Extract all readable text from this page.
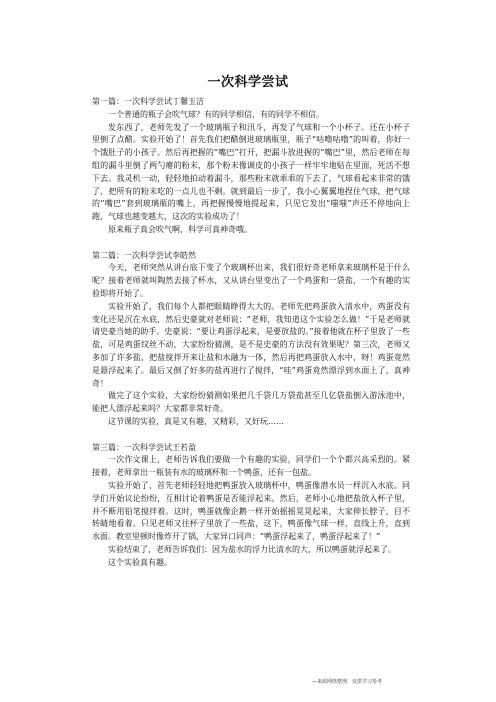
一次科学尝试

第一篇：一次科学尝试丁馨玉洁

一个普通的瓶子会吹气球？有的同学相信，有的同学不相信。

发东西了，老师先发了一个玻璃瓶子和汛斗，再发了气球和一个小杯子。还在小杯子里倒了点醋。实验开始了！首先我们把醋倒进玻璃瓶里，瓶子“咕噜咕噜”的叫着，你好一个饿肚子的小孩子。然后再把握的“嘴巴”打开，把漏斗放进握的“嘴巴”里，然后老师在每组的漏斗里倒了两勺瘪的粉末，那个粉末像调皮的小孩子一样牢牢地贴在里面，死活不想下去。我灵机一动，轻轻地拍动着漏斗，那些粉末就乖乖的下去了，气球看起来非常的饿了，把所有的粉末吃的一点儿也不剩。就到最后一步了，我小心翼翼地捏住气球，把气球的“嘴巴”套到玻璃瓶的嘴上，再把握慢慢地提起来，只见它发出“嗤嗤”声还不停地向上跑，气球也越变越大，这次的实验成功了！

原来瓶子真会吹气啊，科学可真神奇哦。

第二篇：一次科学尝试李皓然

今天，老师突然从讲台底下变了个玻璃杯出来，我们很好奇老师拿来玻璃杯是干什么呢？接着老师就叫陶然去接了杯水，又从讲台里变出了一个鸡蛋和一袋盐，一个有趣的实验即将开始了。

实验开始了，我们每个人都把眼睛睁得大大的。老师先把鸡蛋放入清水中，鸡蛋没有变化还是沉在水底，然后史豪就对老师说：“老师，我知道这个实验怎么做！”于是老师就请史豪当她的助手。史豪说：“要让鸡蛋浮起来，是要放盐的。”接着他就在杯子里放了一些盐，可是鸡蛋纹丝不动，大家纷纷猜测，是不是史豪的方法没有效果呢？第三次，老师又多加了许多盐，把盐搅拌开来让盐和水融为一体，然后再把鸡蛋放入水中，呀！鸡蛋竟然是悬浮起来了。最后又倒了好多的盐再进行了搅拌，“哇”鸡蛋竟然漂浮到水面上了，真神奇！

做完了这个实验，大家纷纷猜测如果把几千袋几万袋盐甚至几亿袋盐倒入游泳池中，能把人漂浮起来吗？大家都非常好奇。

这节课的实验，真是又有趣，又精彩，又好玩……

第三篇：一次科学尝试王若盈

一次作文课上，老师告诉我们要做一个有趣的实验，同学们一个个都兴高采烈的。紧接着，老师拿出一瓶装有水的玻璃杯和一个鸭蛋，还有一包盐。

实验开始了，首先老师轻轻地把鸭蛋放入玻璃杯中，鸭蛋像潜水员一样沉入水底。同学们开始议论纷纷，互相讨论着鸭蛋是否能浮起来。然后，老师小心地把盐放入杯子里，并不断用铅笔搅拌着。这时，鸭蛋就像企鹅一样开始摇摇晃晃起来，大家伸长脖子，目不转睛地看着。只见老师又往杯子里放了一些盐，这下，鸭蛋像气球一样，直线上升，直到水面。教室里顿时像炸开了锅，大家异口同声：“鸭蛋浮起来了，鸭蛋浮起来了！”

实验结束了，老师告诉我们：因为盐水的浮力比清水的大，所以鸭蛋就浮起来了。

这个实验真有趣。

—来源网络整理，仅供学习参考
